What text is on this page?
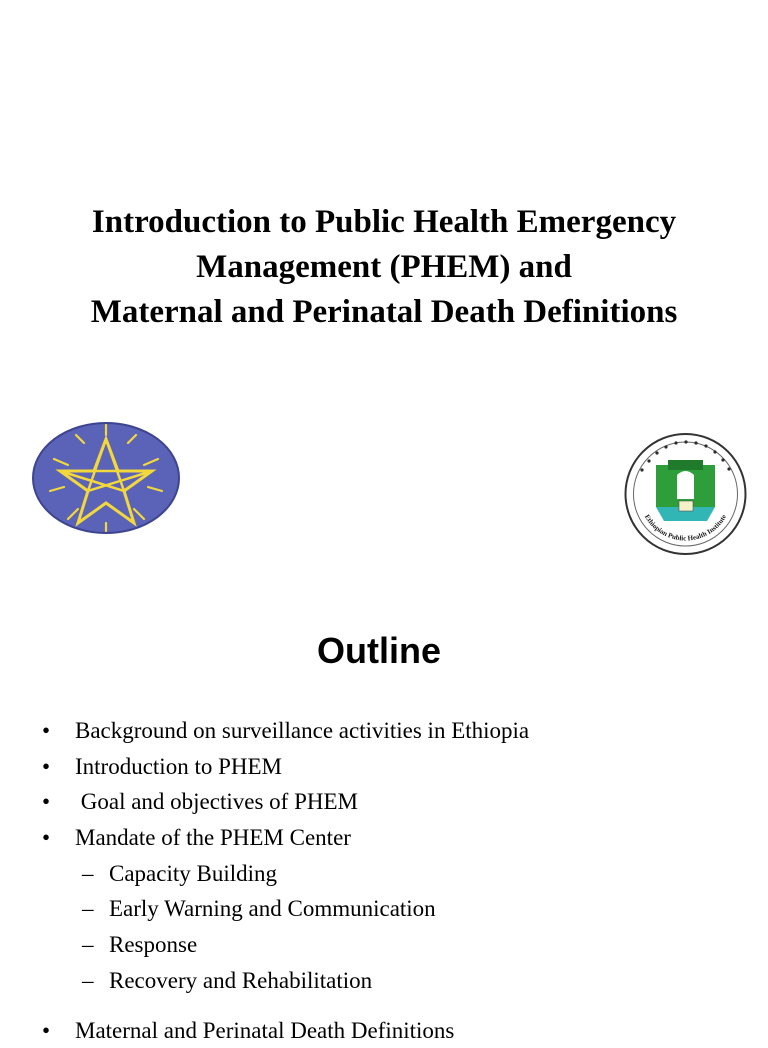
Introduction to Public Health Emergency
Management (PHEM) and
Maternal and Perinatal Death Definitions
Ethiopian Public Health Institute
Outline
• Background on surveillance activities in Ethiopia
• Introduction to PHEM
• Goal and objectives of PHEM
• Mandate of the PHEM Center
– Capacity Building
– Early Warning and Communication
– Response
– Recovery and Rehabilitation
• Maternal and Perinatal Death Definitions
